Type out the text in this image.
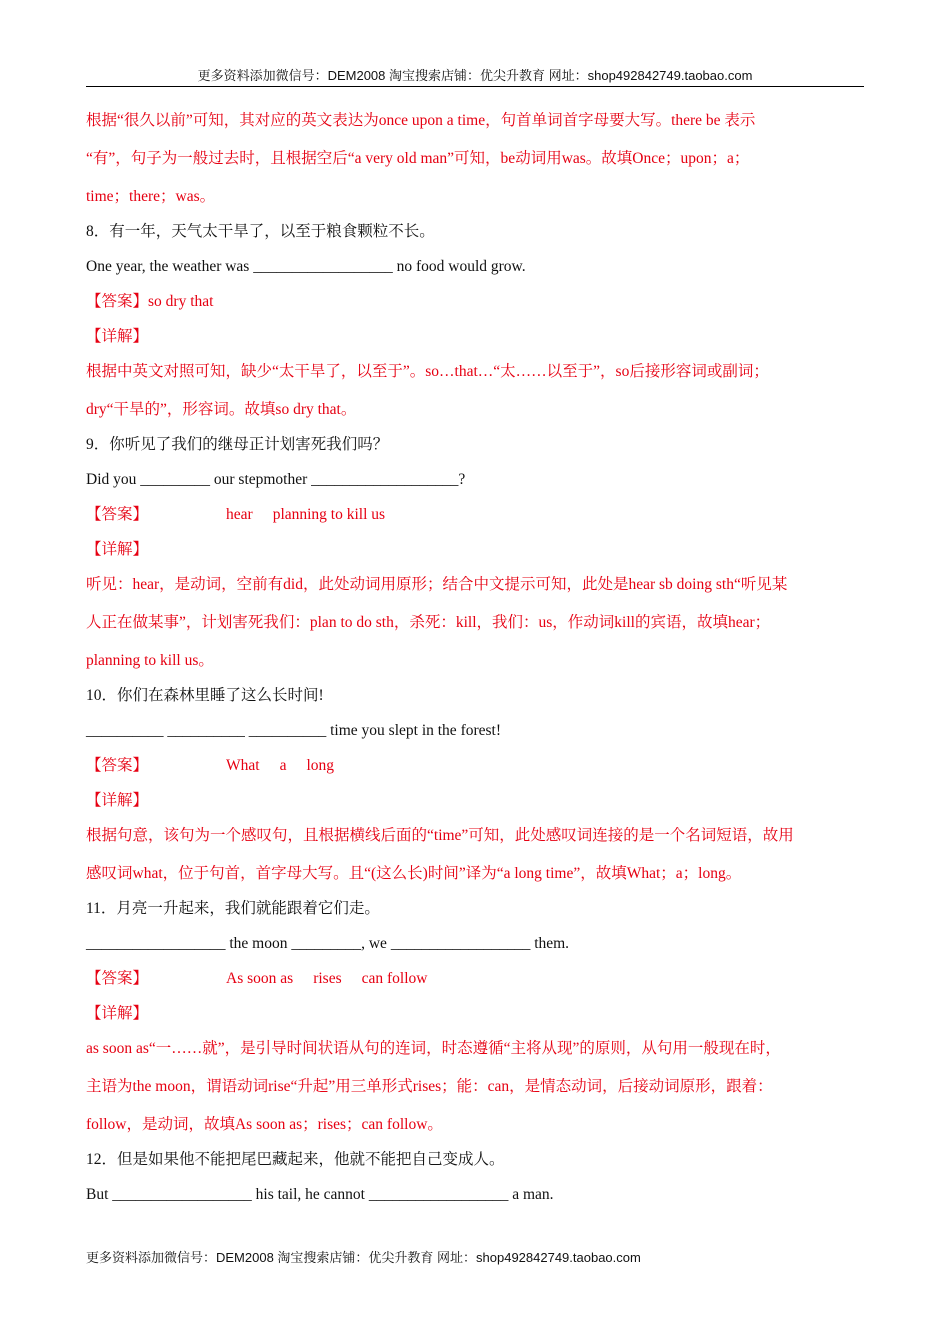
更多资料添加微信号：DEM2008 淘宝搜索店铺：优尖升教育 网址：shop492842749.taobao.com
根据“很久以前”可知，其对应的英文表达为once upon a time，句首单词首字母要大写。there be 表示
“有”，句子为一般过去时，且根据空后“a very old man”可知，be动词用was。故填Once；upon；a；
time；there；was。
8．有一年，天气太干旱了，以至于粮食颗粒不长。
One year, the weather was __________________ no food would grow.
【答案】so dry that
【详解】
根据中英文对照可知，缺少“太干旱了，以至于”。so…that…“太……以至于”，so后接形容词或副词；
dry“干旱的”，形容词。故填so dry that。
9．你听见了我们的继母正计划害死我们吗？
Did you _________ our stepmother ___________________?
【答案】	hear planning to kill us
【详解】
听见：hear，是动词，空前有did，此处动词用原形；结合中文提示可知，此处是hear sb doing sth“听见某
人正在做某事”，计划害死我们：plan to do sth，杀死：kill，我们：us，作动词kill的宾语，故填hear；
planning to kill us。
10．你们在森林里睡了这么长时间!
__________ __________ __________ time you slept in the forest!
【答案】	What a long
【详解】
根据句意，该句为一个感叹句，且根据横线后面的“time”可知，此处感叹词连接的是一个名词短语，故用
感叹词what，位于句首，首字母大写。且“(这么长)时间”译为“a long time”，故填What；a；long。
11．月亮一升起来，我们就能跟着它们走。
__________________ the moon _________, we __________________ them.
【答案】	As soon as rises can follow
【详解】
as soon as“一……就”，是引导时间状语从句的连词，时态遵循“主将从现”的原则，从句用一般现在时，
主语为the moon，谓语动词rise“升起”用三单形式rises；能：can，是情态动词，后接动词原形，跟着：
follow，是动词，故填As soon as；rises；can follow。
12．但是如果他不能把尾巴藏起来，他就不能把自己变成人。
But __________________ his tail, he cannot __________________ a man.
更多资料添加微信号：DEM2008 淘宝搜索店铺：优尖升教育 网址：shop492842749.taobao.com
